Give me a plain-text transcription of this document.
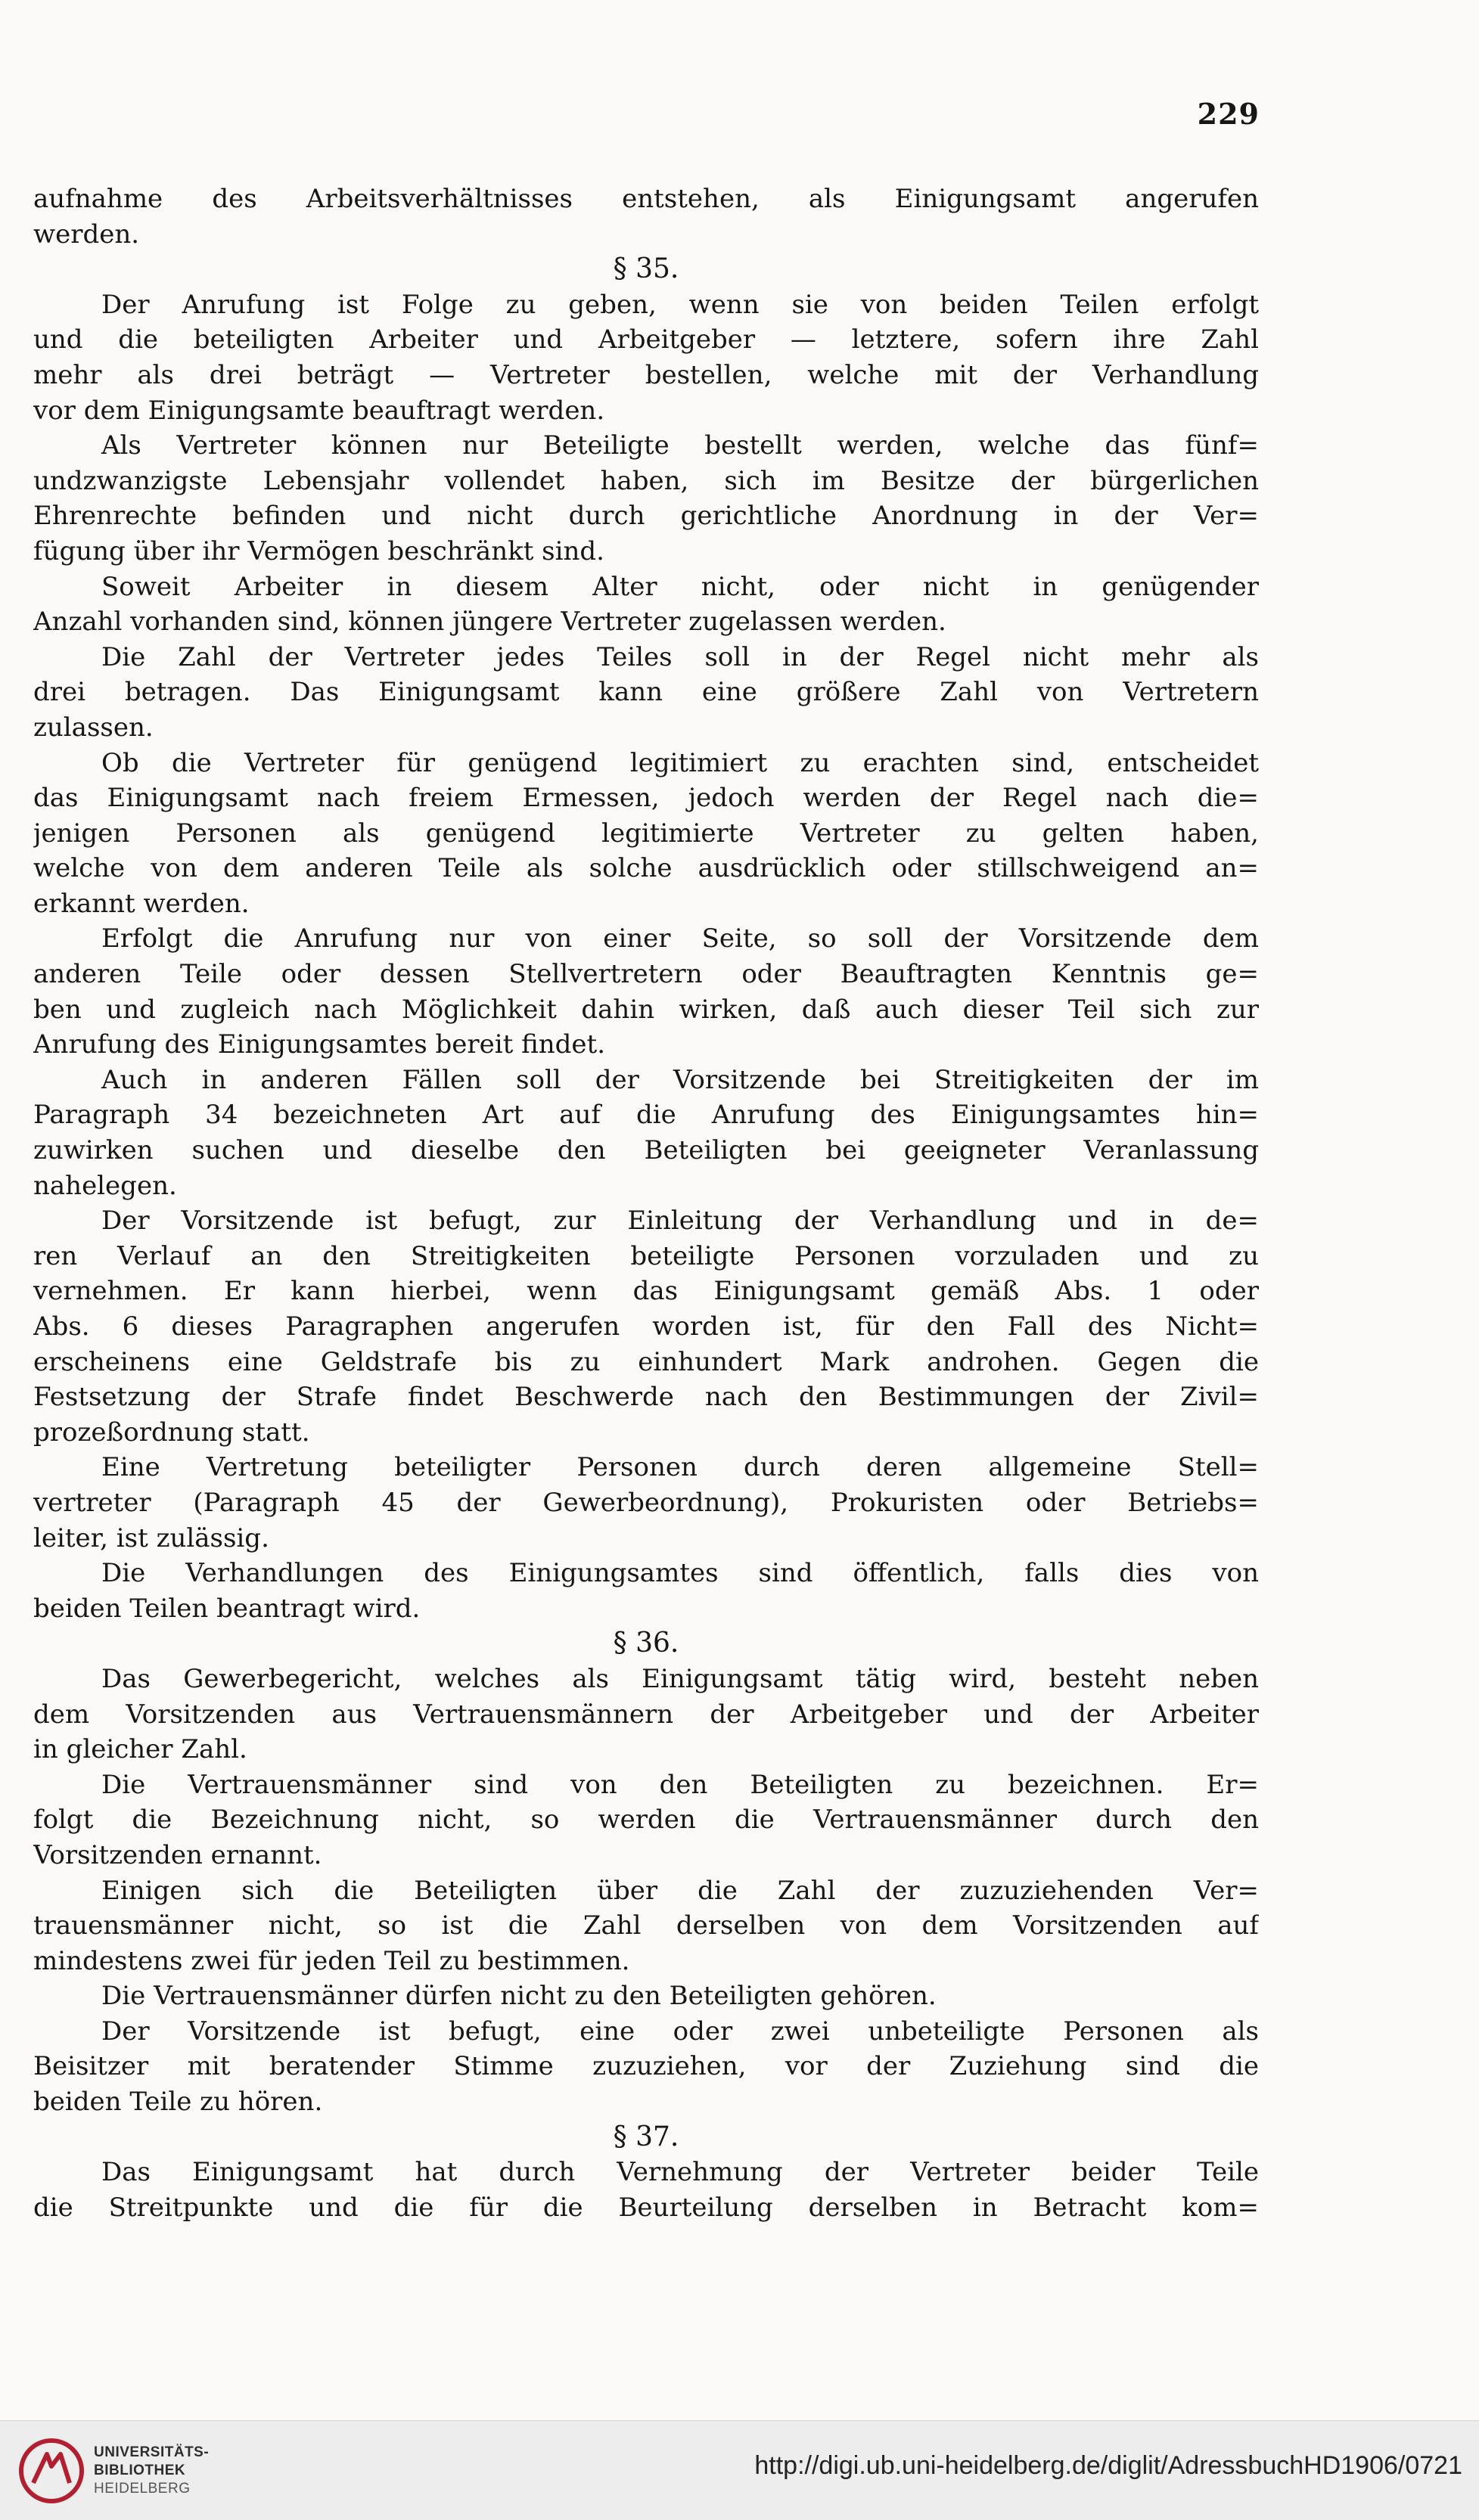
229
aufnahme des Arbeitsverhältnisses entstehen, als Einigungsamt angerufen
werden.
§ 35.
Der Anrufung ist Folge zu geben, wenn sie von beiden Teilen erfolgt
und die beteiligten Arbeiter und Arbeitgeber — letztere, sofern ihre Zahl
mehr als drei beträgt — Vertreter bestellen, welche mit der Verhandlung
vor dem Einigungsamte beauftragt werden.
Als Vertreter können nur Beteiligte bestellt werden, welche das fünf=
undzwanzigste Lebensjahr vollendet haben, sich im Besitze der bürgerlichen
Ehrenrechte befinden und nicht durch gerichtliche Anordnung in der Ver=
fügung über ihr Vermögen beschränkt sind.
Soweit Arbeiter in diesem Alter nicht, oder nicht in genügender
Anzahl vorhanden sind, können jüngere Vertreter zugelassen werden.
Die Zahl der Vertreter jedes Teiles soll in der Regel nicht mehr als
drei betragen. Das Einigungsamt kann eine größere Zahl von Vertretern
zulassen.
Ob die Vertreter für genügend legitimiert zu erachten sind, entscheidet
das Einigungsamt nach freiem Ermessen, jedoch werden der Regel nach die=
jenigen Personen als genügend legitimierte Vertreter zu gelten haben,
welche von dem anderen Teile als solche ausdrücklich oder stillschweigend an=
erkannt werden.
Erfolgt die Anrufung nur von einer Seite, so soll der Vorsitzende dem
anderen Teile oder dessen Stellvertretern oder Beauftragten Kenntnis ge=
ben und zugleich nach Möglichkeit dahin wirken, daß auch dieser Teil sich zur
Anrufung des Einigungsamtes bereit findet.
Auch in anderen Fällen soll der Vorsitzende bei Streitigkeiten der im
Paragraph 34 bezeichneten Art auf die Anrufung des Einigungsamtes hin=
zuwirken suchen und dieselbe den Beteiligten bei geeigneter Veranlassung
nahelegen.
Der Vorsitzende ist befugt, zur Einleitung der Verhandlung und in de=
ren Verlauf an den Streitigkeiten beteiligte Personen vorzuladen und zu
vernehmen. Er kann hierbei, wenn das Einigungsamt gemäß Abs. 1 oder
Abs. 6 dieses Paragraphen angerufen worden ist, für den Fall des Nicht=
erscheinens eine Geldstrafe bis zu einhundert Mark androhen. Gegen die
Festsetzung der Strafe findet Beschwerde nach den Bestimmungen der Zivil=
prozeßordnung statt.
Eine Vertretung beteiligter Personen durch deren allgemeine Stell=
vertreter (Paragraph 45 der Gewerbeordnung), Prokuristen oder Betriebs=
leiter, ist zulässig.
Die Verhandlungen des Einigungsamtes sind öffentlich, falls dies von
beiden Teilen beantragt wird.
§ 36.
Das Gewerbegericht, welches als Einigungsamt tätig wird, besteht neben
dem Vorsitzenden aus Vertrauensmännern der Arbeitgeber und der Arbeiter
in gleicher Zahl.
Die Vertrauensmänner sind von den Beteiligten zu bezeichnen. Er=
folgt die Bezeichnung nicht, so werden die Vertrauensmänner durch den
Vorsitzenden ernannt.
Einigen sich die Beteiligten über die Zahl der zuzuziehenden Ver=
trauensmänner nicht, so ist die Zahl derselben von dem Vorsitzenden auf
mindestens zwei für jeden Teil zu bestimmen.
Die Vertrauensmänner dürfen nicht zu den Beteiligten gehören.
Der Vorsitzende ist befugt, eine oder zwei unbeteiligte Personen als
Beisitzer mit beratender Stimme zuzuziehen, vor der Zuziehung sind die
beiden Teile zu hören.
§ 37.
Das Einigungsamt hat durch Vernehmung der Vertreter beider Teile
die Streitpunkte und die für die Beurteilung derselben in Betracht kom=
UNIVERSITÄTS-
BIBLIOTHEK
HEIDELBERG
http://digi.ub.uni-heidelberg.de/diglit/AdressbuchHD1906/0721
